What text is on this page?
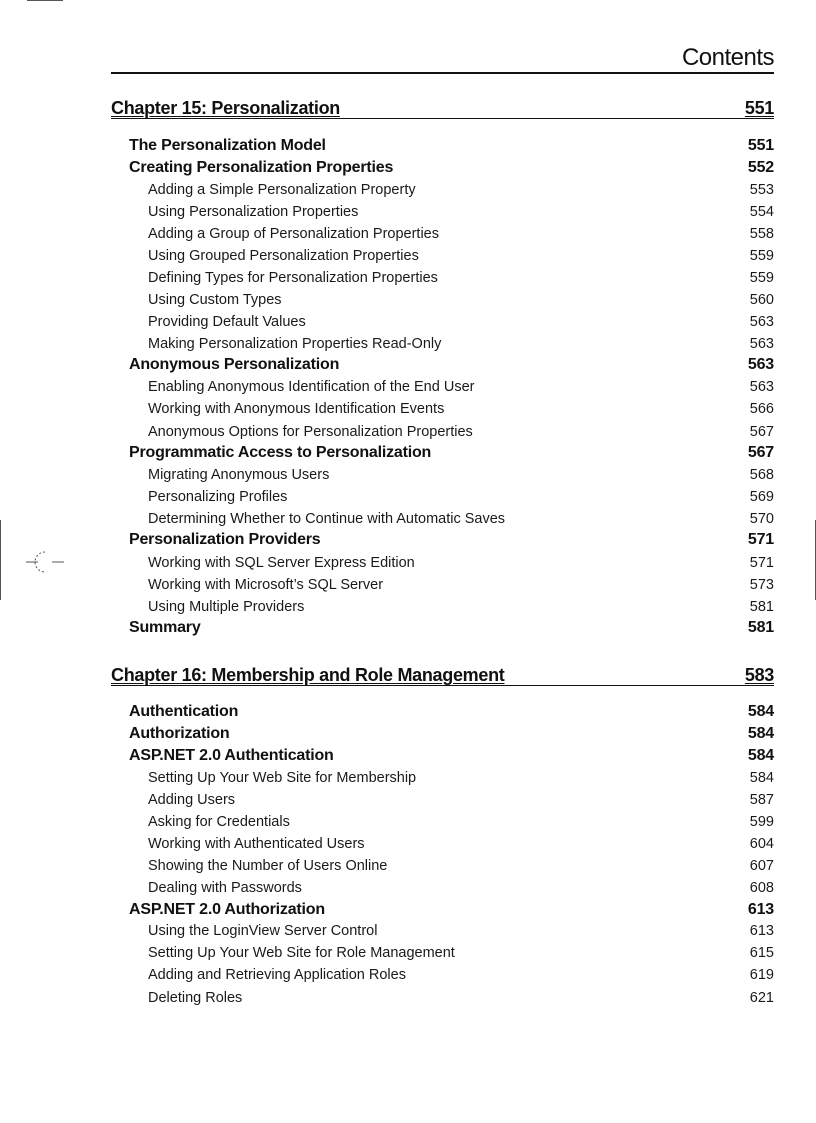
Contents
Chapter 15: Personalization	551
The Personalization Model	551
Creating Personalization Properties	552
Adding a Simple Personalization Property	553
Using Personalization Properties	554
Adding a Group of Personalization Properties	558
Using Grouped Personalization Properties	559
Defining Types for Personalization Properties	559
Using Custom Types	560
Providing Default Values	563
Making Personalization Properties Read-Only	563
Anonymous Personalization	563
Enabling Anonymous Identification of the End User	563
Working with Anonymous Identification Events	566
Anonymous Options for Personalization Properties	567
Programmatic Access to Personalization	567
Migrating Anonymous Users	568
Personalizing Profiles	569
Determining Whether to Continue with Automatic Saves	570
Personalization Providers	571
Working with SQL Server Express Edition	571
Working with Microsoft’s SQL Server	573
Using Multiple Providers	581
Summary	581
Chapter 16: Membership and Role Management	583
Authentication	584
Authorization	584
ASP.NET 2.0 Authentication	584
Setting Up Your Web Site for Membership	584
Adding Users	587
Asking for Credentials	599
Working with Authenticated Users	604
Showing the Number of Users Online	607
Dealing with Passwords	608
ASP.NET 2.0 Authorization	613
Using the LoginView Server Control	613
Setting Up Your Web Site for Role Management	615
Adding and Retrieving Application Roles	619
Deleting Roles	621
